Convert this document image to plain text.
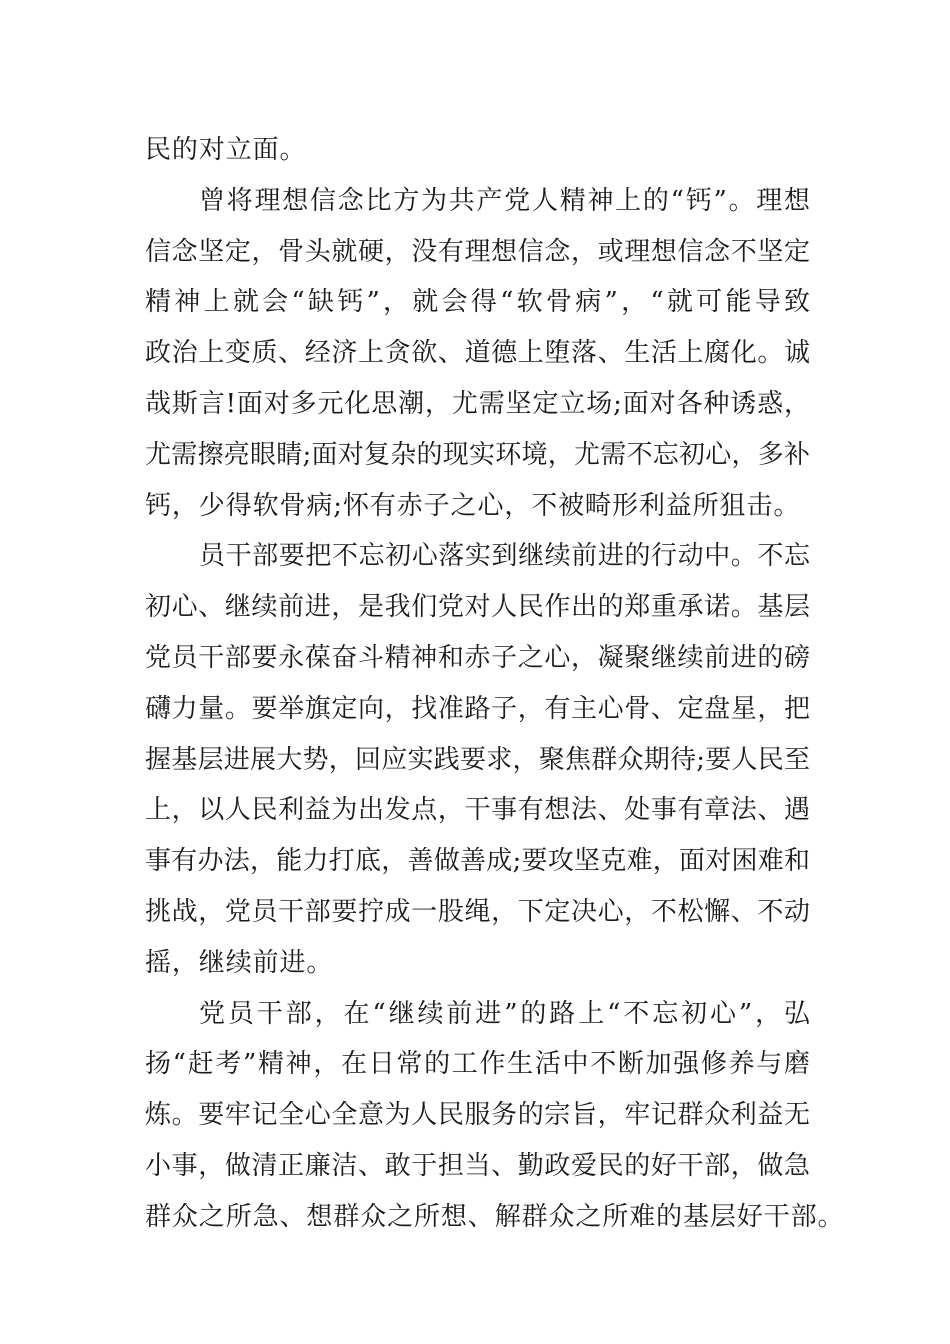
民的对立面。
曾将理想信念比方为共产党人精神上的“钙”。理想
信念坚定，骨头就硬，没有理想信念，或理想信念不坚定
精神上就会“缺钙”，就会得“软骨病”，“就可能导致
政治上变质、经济上贪欲、道德上堕落、生活上腐化。诚
哉斯言!面对多元化思潮，尤需坚定立场;面对各种诱惑，
尤需擦亮眼睛;面对复杂的现实环境，尤需不忘初心，多补
钙，少得软骨病;怀有赤子之心，不被畸形利益所狙击。
员干部要把不忘初心落实到继续前进的行动中。不忘
初心、继续前进，是我们党对人民作出的郑重承诺。基层
党员干部要永葆奋斗精神和赤子之心，凝聚继续前进的磅
礴力量。要举旗定向，找准路子，有主心骨、定盘星，把
握基层进展大势，回应实践要求，聚焦群众期待;要人民至
上，以人民利益为出发点，干事有想法、处事有章法、遇
事有办法，能力打底，善做善成;要攻坚克难，面对困难和
挑战，党员干部要拧成一股绳，下定决心，不松懈、不动
摇，继续前进。
党员干部，在“继续前进”的路上“不忘初心”，弘
扬“赶考”精神，在日常的工作生活中不断加强修养与磨
炼。要牢记全心全意为人民服务的宗旨，牢记群众利益无
小事，做清正廉洁、敢于担当、勤政爱民的好干部，做急
群众之所急、想群众之所想、解群众之所难的基层好干部。
